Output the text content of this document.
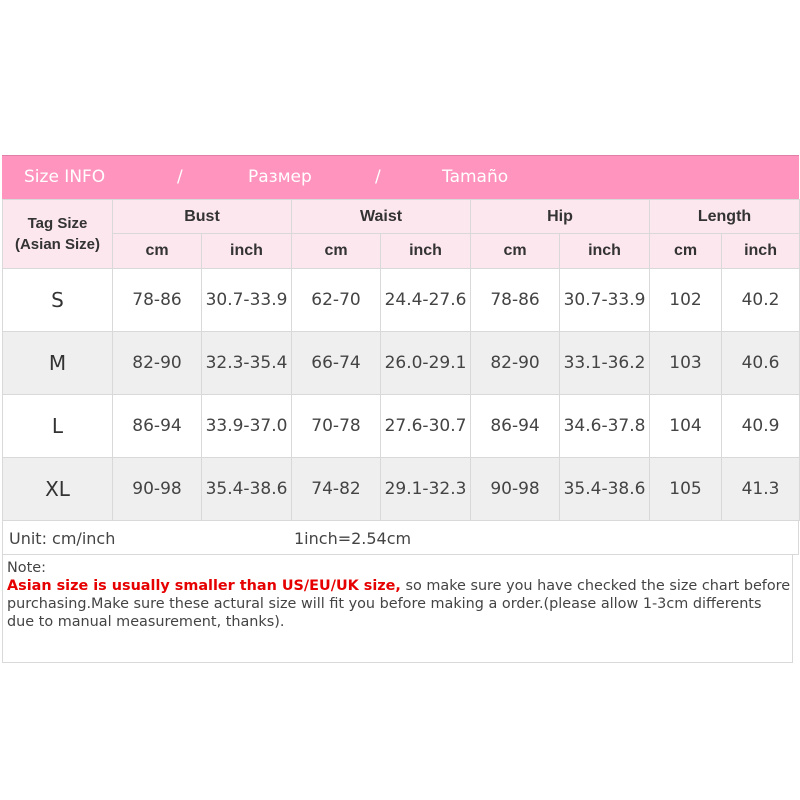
Size INFO	/	Размер	/	Tamaño
Tag Size
(Asian Size)	Bust		Waist		Hip		Length	
	cm	inch	cm	inch	cm	inch	cm	inch
S	78-86	30.7-33.9	62-70	24.4-27.6	78-86	30.7-33.9	102	40.2
M	82-90	32.3-35.4	66-74	26.0-29.1	82-90	33.1-36.2	103	40.6
L	86-94	33.9-37.0	70-78	27.6-30.7	86-94	34.6-37.8	104	40.9
XL	90-98	35.4-38.6	74-82	29.1-32.3	90-98	35.4-38.6	105	41.3
Unit: cm/inch	1inch=2.54cm
Note:
Asian size is usually smaller than US/EU/UK size, so make sure you have checked the size chart before purchasing.Make sure these actural size will fit you before making a order.(please allow 1-3cm differents due to manual measurement, thanks).
